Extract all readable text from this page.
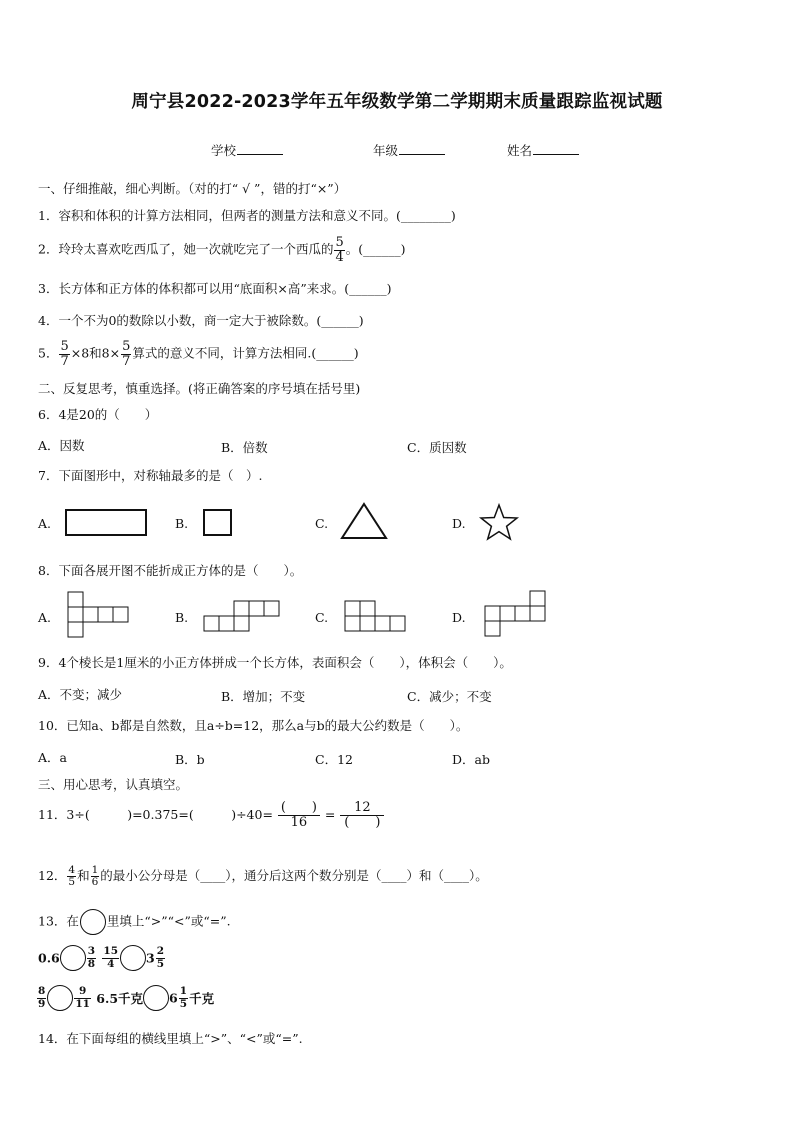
周宁县2022-2023学年五年级数学第二学期期末质量跟踪监视试题
学校	年级	姓名
一、仔细推敲，细心判断。（对的打“ √ ”，错的打“×”）
1．容积和体积的计算方法相同，但两者的测量方法和意义不同。(________)
2．玲玲太喜欢吃西瓜了，她一次就吃完了一个西瓜的 $\frac{5}{4}$ 。(______)
3．长方体和正方体的体积都可以用“底面积×高”来求。(______)
4．一个不为0的数除以小数，商一定大于被除数。(______)
5． $\frac{5}{7} \times 8$和$8\times \frac{5}{7}$ 算式的意义不同，计算方法相同.(______)
二、反复思考，慎重选择。(将正确答案的序号填在括号里)
6．4是20的（　　）
A．因数	B．倍数	C．质因数
7．下面图形中，对称轴最多的是（　）.
A.	B.	C.	D.
8．下面各展开图不能折成正方体的是（　　）。
A.	B.	C.	D.
9．4个棱长是1厘米的小正方体拼成一个长方体，表面积会（　　），体积会（　　）。
A．不变；减少	B．增加；不变	C．减少；不变
10．已知a、b都是自然数，且a÷b=12，那么a与b的最大公约数是（　　）。
A．a	B．b	C．12	D．ab
三、用心思考，认真填空。
11．3÷(　　　)=0.375=(　　　)$\div 40= \frac{( )}{16} = \frac{12}{( )}$
12． $\frac{4}{5}$ 和 $\frac{1}{6}$ 的最小公分母是（____），通分后这两个数分别是（____）和（____）。
13．在 里填上“>”“<”或“=”.
0.6	$\frac{3}{8}$
$\frac{15}{4} 3 \frac{2}{5}$
$\frac{8}{9}$	$\frac{9}{11} 6.5$千克 $6 \frac{1}{5}$ 千克
14．在下面每组的横线里填上“>”、“<”或“=”.
